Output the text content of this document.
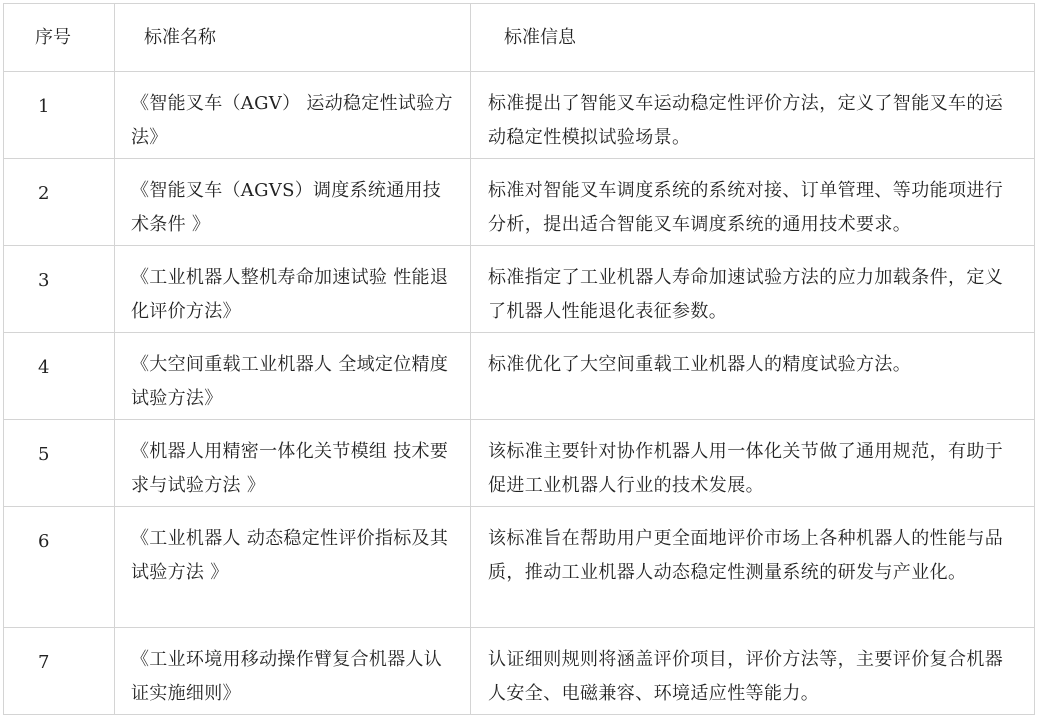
序号	标准名称	标准信息
1	《智能叉车（AGV） 运动稳定性试验方法》	标准提出了智能叉车运动稳定性评价方法，定义了智能叉车的运动稳定性模拟试验场景。
2	《智能叉车（AGVS）调度系统通用技术条件 》	标准对智能叉车调度系统的系统对接、订单管理、等功能项进行分析，提出适合智能叉车调度系统的通用技术要求。
3	《工业机器人整机寿命加速试验 性能退化评价方法》	标准指定了工业机器人寿命加速试验方法的应力加载条件，定义了机器人性能退化表征参数。
4	《大空间重载工业机器人 全域定位精度试验方法》	标准优化了大空间重载工业机器人的精度试验方法。
5	《机器人用精密一体化关节模组 技术要求与试验方法 》	该标准主要针对协作机器人用一体化关节做了通用规范，有助于促进工业机器人行业的技术发展。
6	《工业机器人 动态稳定性评价指标及其试验方法 》	该标准旨在帮助用户更全面地评价市场上各种机器人的性能与品质，推动工业机器人动态稳定性测量系统的研发与产业化。
7	《工业环境用移动操作臂复合机器人认证实施细则》	认证细则规则将涵盖评价项目，评价方法等，主要评价复合机器人安全、电磁兼容、环境适应性等能力。
